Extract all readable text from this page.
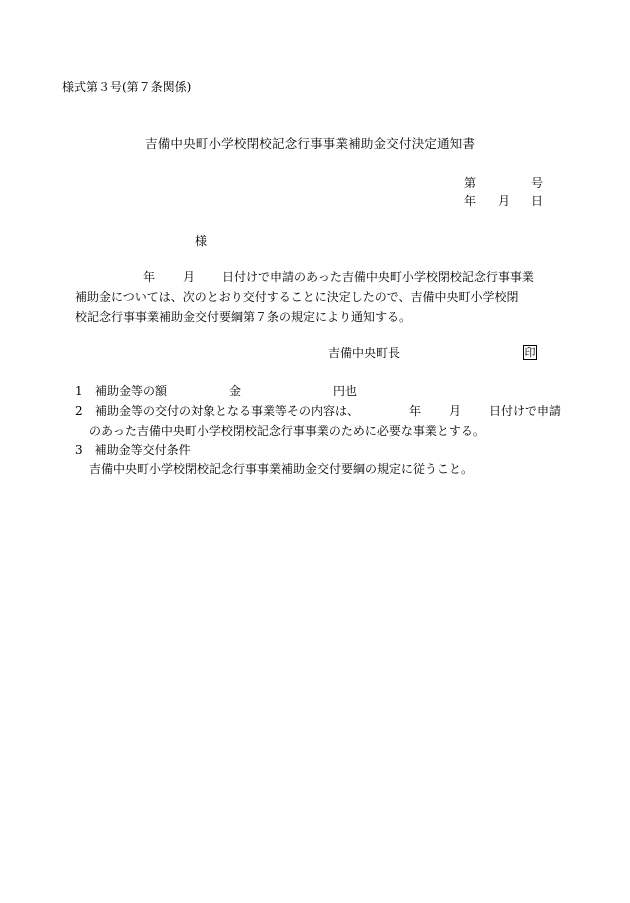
様式第３号(第７条関係)
吉備中央町小学校閉校記念行事事業補助金交付決定通知書
第	号
年 月 日
様
年 月 日付けで申請のあった吉備中央町小学校閉校記念行事事業
補助金については、次のとおり交付することに決定したので、吉備中央町小学校閉
校記念行事事業補助金交付要綱第７条の規定により通知する。
吉備中央町長	印
1 補助金等の額	金	円也
2 補助金等の交付の対象となる事業等その内容は、	年 月 日付けで申請
のあった吉備中央町小学校閉校記念行事事業のために必要な事業とする。
3　補助金等交付条件
吉備中央町小学校閉校記念行事事業補助金交付要綱の規定に従うこと。
